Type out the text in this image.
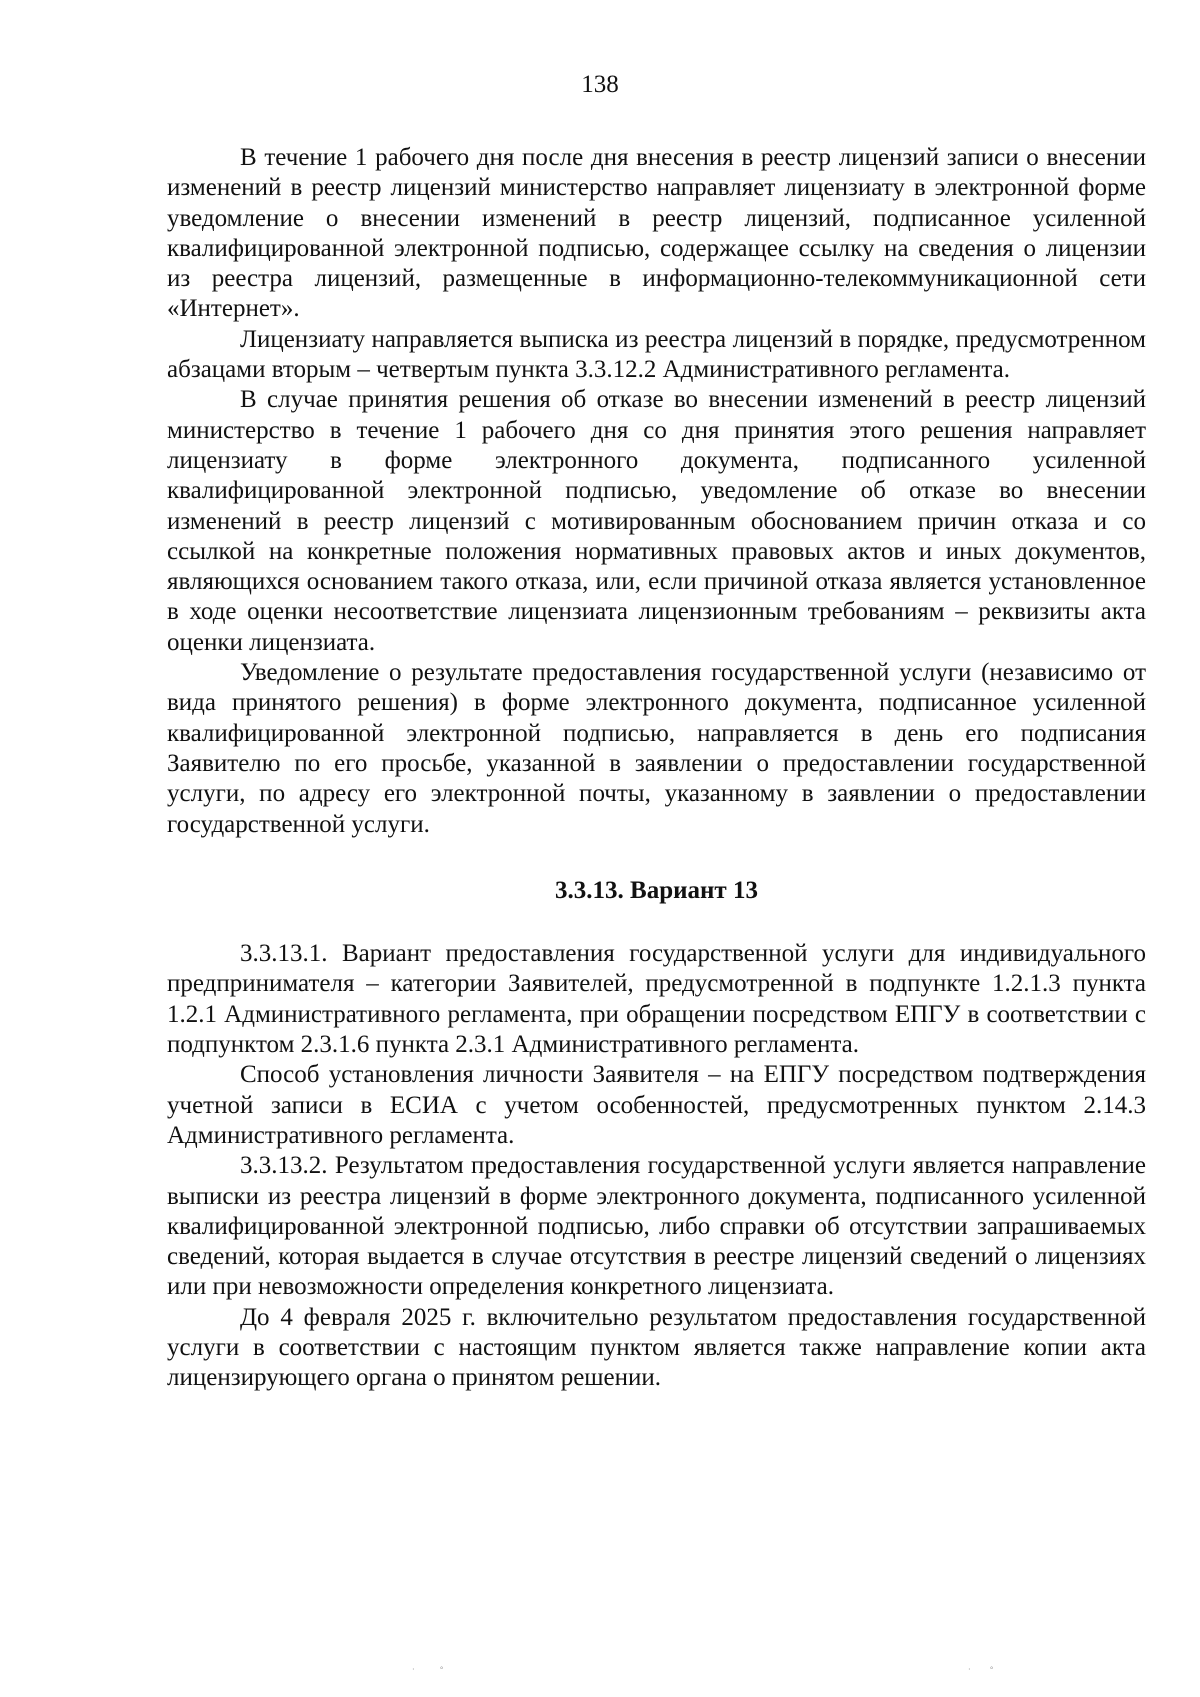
138

В течение 1 рабочего дня после дня внесения в реестр лицензий записи о внесении изменений в реестр лицензий министерство направляет лицензиату в электронной форме уведомление о внесении изменений в реестр лицензий, подписанное усиленной квалифицированной электронной подписью, содержащее ссылку на сведения о лицензии из реестра лицензий, размещенные в информационно-телекоммуникационной сети «Интернет».

Лицензиату направляется выписка из реестра лицензий в порядке, предусмотренном абзацами вторым – четвертым пункта 3.3.12.2 Административного регламента.

В случае принятия решения об отказе во внесении изменений в реестр лицензий министерство в течение 1 рабочего дня со дня принятия этого решения направляет лицензиату в форме электронного документа, подписанного усиленной квалифицированной электронной подписью, уведомление об отказе во внесении изменений в реестр лицензий с мотивированным обоснованием причин отказа и со ссылкой на конкретные положения нормативных правовых актов и иных документов, являющихся основанием такого отказа, или, если причиной отказа является установленное в ходе оценки несоответствие лицензиата лицензионным требованиям – реквизиты акта оценки лицензиата.

Уведомление о результате предоставления государственной услуги (независимо от вида принятого решения) в форме электронного документа, подписанное усиленной квалифицированной электронной подписью, направляется в день его подписания Заявителю по его просьбе, указанной в заявлении о предоставлении государственной услуги, по адресу его электронной почты, указанному в заявлении о предоставлении государственной услуги.

3.3.13. Вариант 13

3.3.13.1. Вариант предоставления государственной услуги для индивидуального предпринимателя – категории Заявителей, предусмотренной в подпункте 1.2.1.3 пункта 1.2.1 Административного регламента, при обращении посредством ЕПГУ в соответствии с подпунктом 2.3.1.6 пункта 2.3.1 Административного регламента.

Способ установления личности Заявителя – на ЕПГУ посредством подтверждения учетной записи в ЕСИА с учетом особенностей, предусмотренных пунктом 2.14.3 Административного регламента.

3.3.13.2. Результатом предоставления государственной услуги является направление выписки из реестра лицензий в форме электронного документа, подписанного усиленной квалифицированной электронной подписью, либо справки об отсутствии запрашиваемых сведений, которая выдается в случае отсутствия в реестре лицензий сведений о лицензиях или при невозможности определения конкретного лицензиата.

До 4 февраля 2025 г. включительно результатом предоставления государственной услуги в соответствии с настоящим пунктом является также направление копии акта лицензирующего органа о принятом решении.

·	°	· °
